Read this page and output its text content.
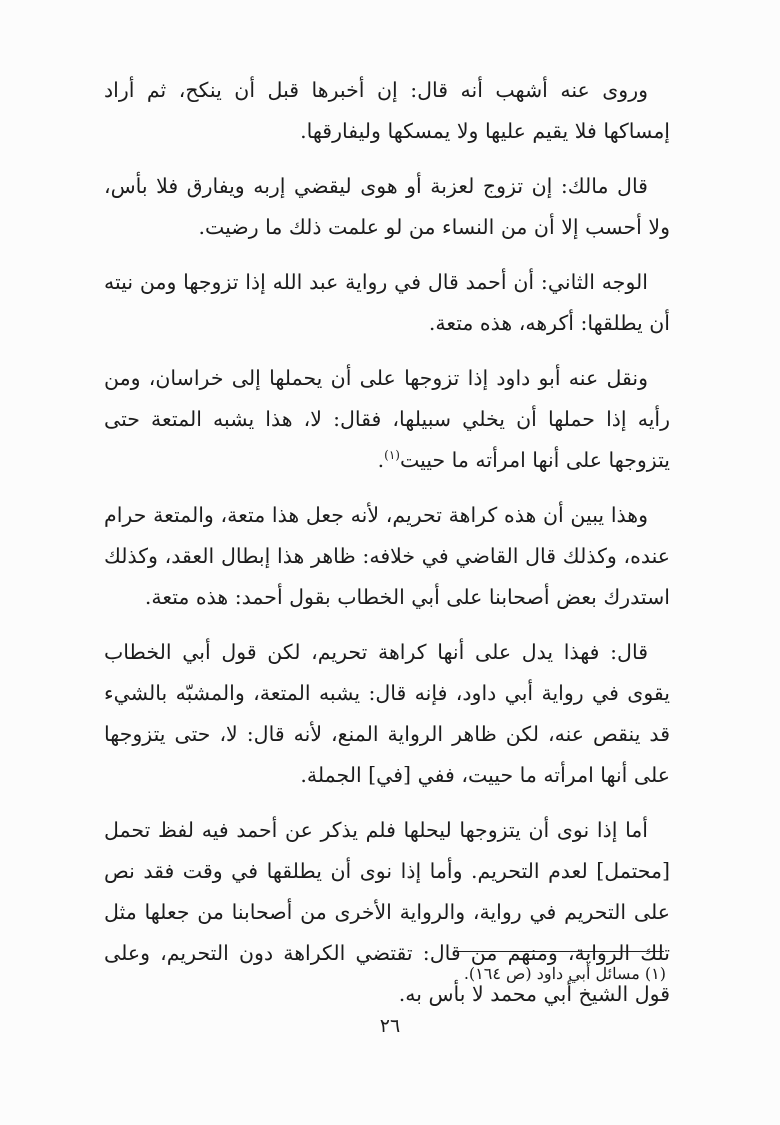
وروى عنه أشهب أنه قال: إن أخبرها قبل أن ينكح، ثم أراد إمساكها فلا يقيم عليها ولا يمسكها وليفارقها.

قال مالك: إن تزوج لعزبة أو هوى ليقضي إربه ويفارق فلا بأس، ولا أحسب إلا أن من النساء من لو علمت ذلك ما رضيت.

الوجه الثاني: أن أحمد قال في رواية عبد الله إذا تزوجها ومن نيته أن يطلقها: أكرهه، هذه متعة.

ونقل عنه أبو داود إذا تزوجها على أن يحملها إلى خراسان، ومن رأيه إذا حملها أن يخلي سبيلها، فقال: لا، هذا يشبه المتعة حتى يتزوجها على أنها امرأته ما حييت$^{(١)}$.

وهذا يبين أن هذه كراهة تحريم، لأنه جعل هذا متعة، والمتعة حرام عنده، وكذلك قال القاضي في خلافه: ظاهر هذا إبطال العقد، وكذلك استدرك بعض أصحابنا على أبي الخطاب بقول أحمد: هذه متعة.

قال: فهذا يدل على أنها كراهة تحريم، لكن قول أبي الخطاب يقوى في رواية أبي داود، فإنه قال: يشبه المتعة، والمشبّه بالشيء قد ينقص عنه، لكن ظاهر الرواية المنع، لأنه قال: لا، حتى يتزوجها على أنها امرأته ما حييت، ففي [في] الجملة.

أما إذا نوى أن يتزوجها ليحلها فلم يذكر عن أحمد فيه لفظ تحمل [محتمل] لعدم التحريم. وأما إذا نوى أن يطلقها في وقت فقد نص على التحريم في رواية، والرواية الأخرى من أصحابنا من جعلها مثل تلك الرواية، ومنهم من قال: تقتضي الكراهة دون التحريم، وعلى قول الشيخ أبي محمد لا بأس به.

(١) مسائل أبي داود (ص ١٦٤).
٢٦
